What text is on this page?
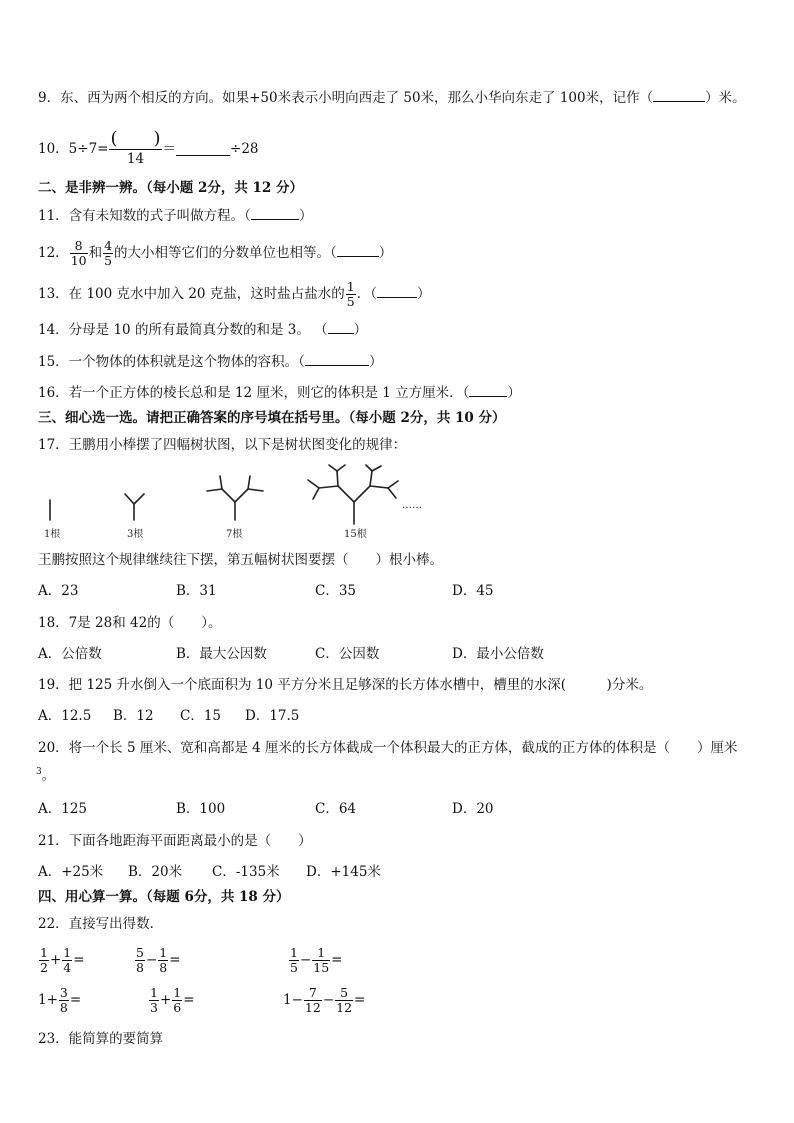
9．东、西为两个相反的方向。如果+50米表示小明向西走了 50米，那么小华向东走了 100米，记作（	）米。
10．$5\div 7= \frac{( )}{14}$ ＝	÷28
二、是非辨一辨。（每小题 2分，共 12 分）
11．含有未知数的式子叫做方程。（	）
12． $\frac{8}{10}$ 和 $\frac{4}{5}$ 的大小相等它们的分数单位也相等。（	）
13．在 100 克水中加入 20 克盐，这时盐占盐水的 $\frac{1}{5}$ ．（	）
14．分母是 10 的所有最简真分数的和是 3。 （ ）
15．一个物体的体积就是这个物体的容积。（	）
16．若一个正方体的棱长总和是 12 厘米，则它的体积是 1 立方厘米．（	）
三、细心选一选。请把正确答案的序号填在括号里。（每小题 2分，共 10 分）
17．王鹏用小棒摆了四幅树状图，以下是树状图变化的规律：
1根	3根	7根	15根
……
王鹏按照这个规律继续往下摆，第五幅树状图要摆（　　）根小棒。
A．23	B．31	C．35	D．45
18．7是 28和 42的（　　）。
A．公倍数	B．最大公因数	C．公因数	D．最小公倍数
19．把 125 升水倒入一个底面积为 10 平方分米且足够深的长方体水槽中，槽里的水深(　　　)分米。
A．12.5 B．12 C．15 D．17.5
20．将一个长 5 厘米、宽和高都是 4 厘米的长方体截成一个体积最大的正方体，截成的正方体的体积是（　　）厘米
$^3$。
A．125	B．100	C．64	D．20
21．下面各地距海平面距离最小的是（　　）
A．+25米 B．20米 C．-135米 D．+145米
四、用心算一算。（每题 6分，共 18 分）
22．直接写出得数．
$\frac{1}{2} + \frac{1}{4}$ =	$\frac{5}{8} - \frac{1}{8}$ =	$\frac{1}{5} - \frac{1}{15}$ =
$1+ \frac{3}{8}$ =	$\frac{1}{3} + \frac{1}{6}$ =	$1- \frac{7}{12} - \frac{5}{12}$ =
23．能简算的要简算
